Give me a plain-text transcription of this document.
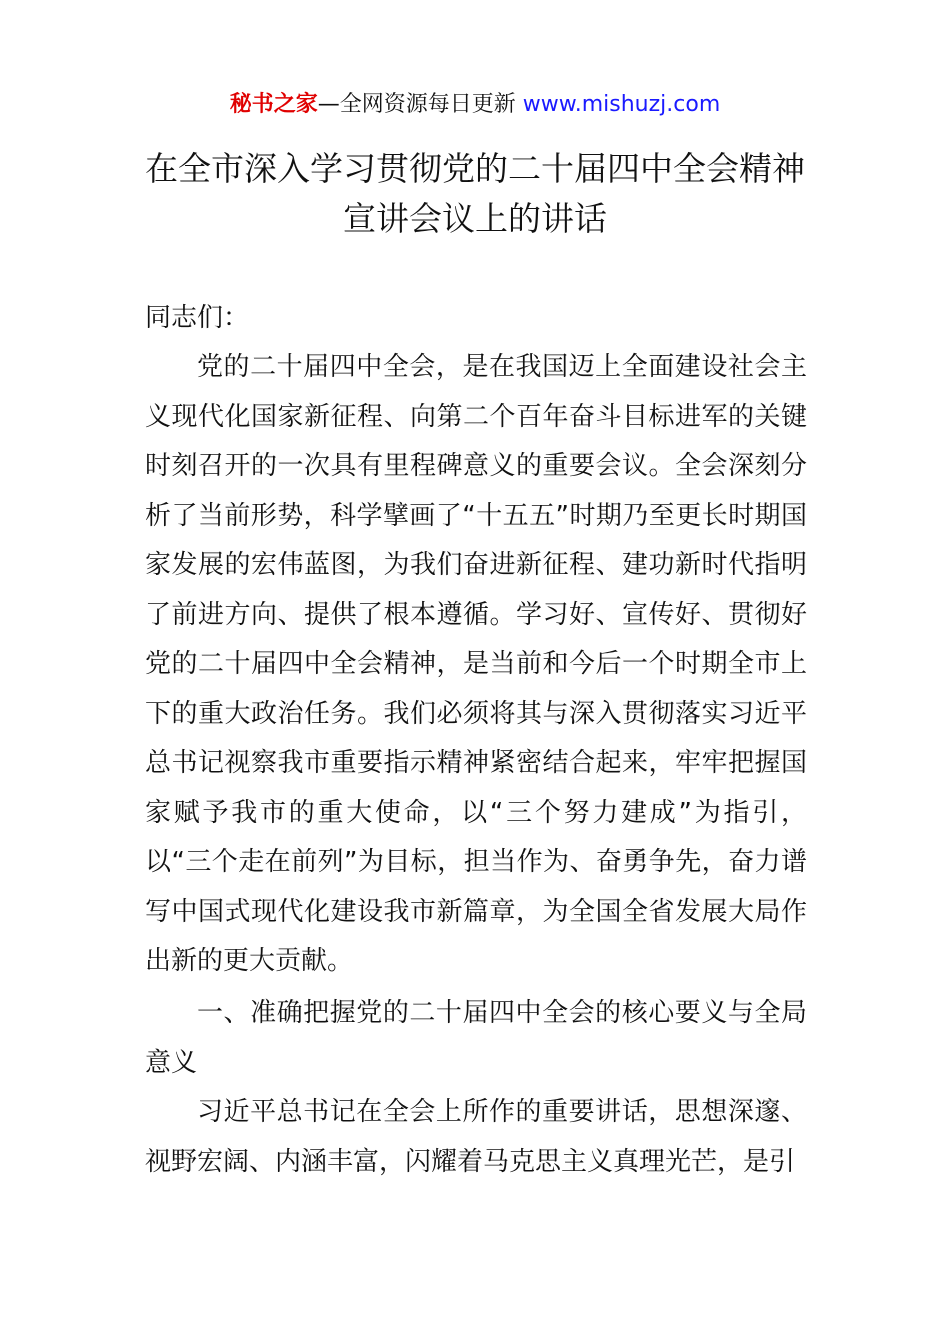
秘书之家—全网资源每日更新 www.mishuzj.com
在全市深入学习贯彻党的二十届四中全会精神
宣讲会议上的讲话
同志们：

党的二十届四中全会，是在我国迈上全面建设社会主义现代化国家新征程、向第二个百年奋斗目标进军的关键时刻召开的一次具有里程碑意义的重要会议。全会深刻分析了当前形势，科学擘画了“十五五”时期乃至更长时期国家发展的宏伟蓝图，为我们奋进新征程、建功新时代指明了前进方向、提供了根本遵循。学习好、宣传好、贯彻好党的二十届四中全会精神，是当前和今后一个时期全市上下的重大政治任务。我们必须将其与深入贯彻落实习近平总书记视察我市重要指示精神紧密结合起来，牢牢把握国家赋予我市的重大使命，以“三个努力建成”为指引，以“三个走在前列”为目标，担当作为、奋勇争先，奋力谱写中国式现代化建设我市新篇章，为全国全省发展大局作出新的更大贡献。

一、准确把握党的二十届四中全会的核心要义与全局意义

习近平总书记在全会上所作的重要讲话，思想深邃、视野宏阔、内涵丰富，闪耀着马克思主义真理光芒，是引
